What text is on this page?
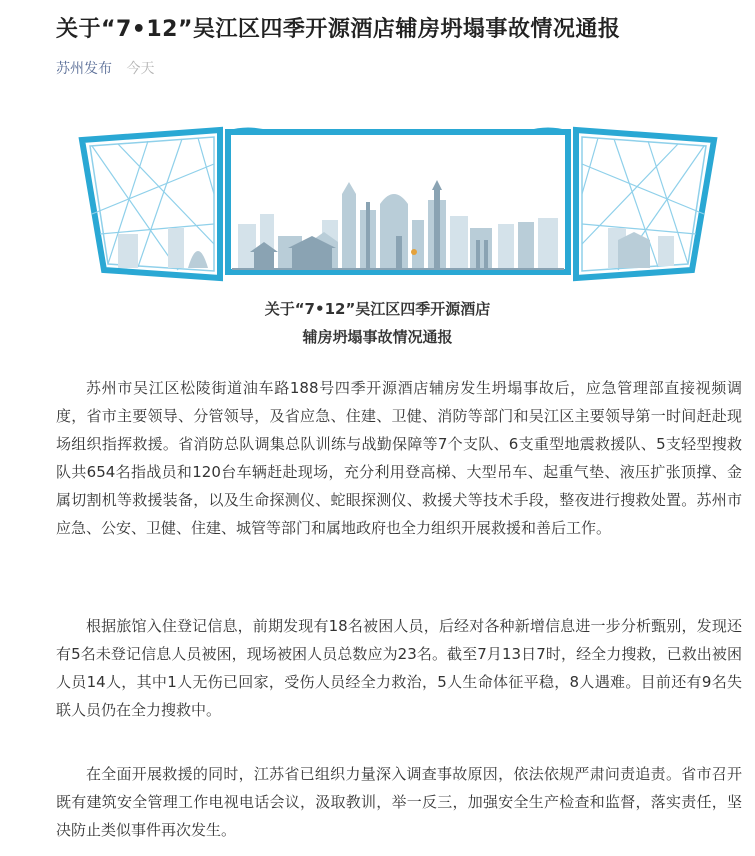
关于“7•12”吴江区四季开源酒店辅房坍塌事故情况通报
苏州发布 今天
关于“7•12”吴江区四季开源酒店
辅房坍塌事故情况通报

苏州市吴江区松陵街道油车路188号四季开源酒店辅房发生坍塌事故后，应急管理部直接视频调度，省市主要领导、分管领导，及省应急、住建、卫健、消防等部门和吴江区主要领导第一时间赶赴现场组织指挥救援。省消防总队调集总队训练与战勤保障等7个支队、6支重型地震救援队、5支轻型搜救队共654名指战员和120台车辆赶赴现场，充分利用登高梯、大型吊车、起重气垫、液压扩张顶撑、金属切割机等救援装备，以及生命探测仪、蛇眼探测仪、救援犬等技术手段，整夜进行搜救处置。苏州市应急、公安、卫健、住建、城管等部门和属地政府也全力组织开展救援和善后工作。

根据旅馆入住登记信息，前期发现有18名被困人员，后经对各种新增信息进一步分析甄别，发现还有5名未登记信息人员被困，现场被困人员总数应为23名。截至7月13日7时，经全力搜救，已救出被困人员14人，其中1人无伤已回家，受伤人员经全力救治，5人生命体征平稳，8人遇难。目前还有9名失联人员仍在全力搜救中。

在全面开展救援的同时，江苏省已组织力量深入调查事故原因，依法依规严肃问责追责。省市召开既有建筑安全管理工作电视电话会议，汲取教训，举一反三，加强安全生产检查和监督，落实责任，坚决防止类似事件再次发生。
